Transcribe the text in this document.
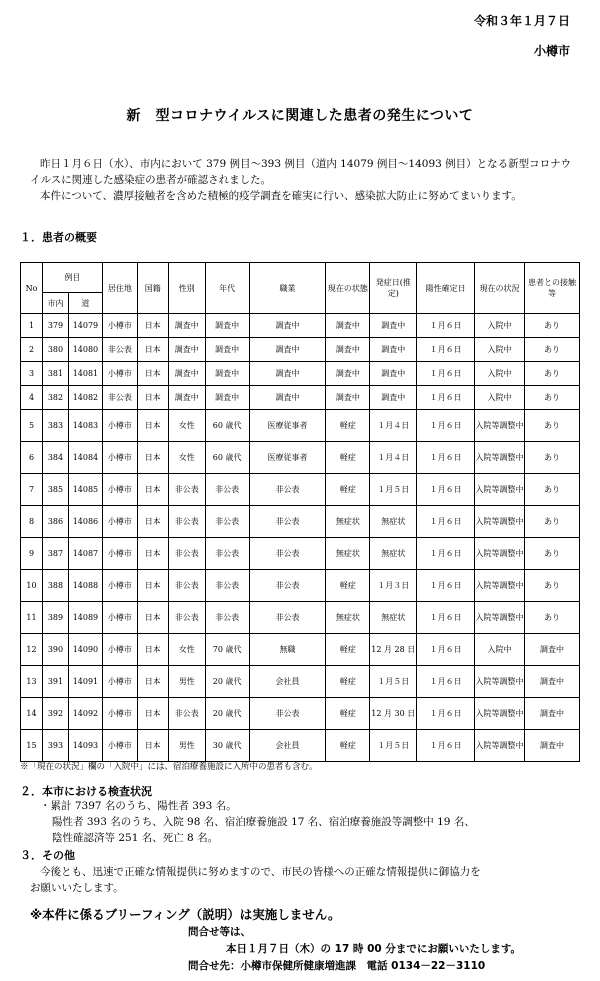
令和３年１月７日
小樽市
新　型コロナウイルスに関連した患者の発生について
昨日１月６日（水）、市内において 379 例目～393 例目（道内 14079 例目～14093 例目）となる新型コロナウイルスに関連した感染症の患者が確認されました。
本件について、濃厚接触者を含めた積極的疫学調査を確実に行い、感染拡大防止に努めてまいります。
１．患者の概要
No	例目		居住地	国籍	性別	年代	職業	現在の状態	発症日(推定)	陽性確定日	現在の状況	患者との接触等
	市内	道										
1	379	14079	小樽市	日本	調査中	調査中	調査中	調査中	調査中	１月６日	入院中	あり
2	380	14080	非公表	日本	調査中	調査中	調査中	調査中	調査中	１月６日	入院中	あり
3	381	14081	小樽市	日本	調査中	調査中	調査中	調査中	調査中	１月６日	入院中	あり
4	382	14082	非公表	日本	調査中	調査中	調査中	調査中	調査中	１月６日	入院中	あり
5	383	14083	小樽市	日本	女性	60 歳代	医療従事者	軽症	１月４日	１月６日	入院等調整中	あり
6	384	14084	小樽市	日本	女性	60 歳代	医療従事者	軽症	１月４日	１月６日	入院等調整中	あり
7	385	14085	小樽市	日本	非公表	非公表	非公表	軽症	１月５日	１月６日	入院等調整中	あり
8	386	14086	小樽市	日本	非公表	非公表	非公表	無症状	無症状	１月６日	入院等調整中	あり
9	387	14087	小樽市	日本	非公表	非公表	非公表	無症状	無症状	１月６日	入院等調整中	あり
10	388	14088	小樽市	日本	非公表	非公表	非公表	軽症	１月３日	１月６日	入院等調整中	あり
11	389	14089	小樽市	日本	非公表	非公表	非公表	無症状	無症状	１月６日	入院等調整中	あり
12	390	14090	小樽市	日本	女性	70 歳代	無職	軽症	12 月 28 日	１月６日	入院中	調査中
13	391	14091	小樽市	日本	男性	20 歳代	会社員	軽症	１月５日	１月６日	入院等調整中	調査中
14	392	14092	小樽市	日本	非公表	20 歳代	非公表	軽症	12 月 30 日	１月６日	入院等調整中	調査中
15	393	14093	小樽市	日本	男性	30 歳代	会社員	軽症	１月５日	１月６日	入院等調整中	調査中
※「現在の状況」欄の「入院中」には、宿泊療養施設に入所中の患者も含む。
２．本市における検査状況
・累計 7397 名のうち、陽性者 393 名。
陽性者 393 名のうち、入院 98 名、宿泊療養施設 17 名、宿泊療養施設等調整中 19 名、
陰性確認済等 251 名、死亡 8 名。
３．その他
今後とも、迅速で正確な情報提供に努めますので、市民の皆様への正確な情報提供に御協力を
お願いいたします。
※本件に係るブリーフィング（説明）は実施しません。
問合せ等は、
本日１月７日（木）の 17 時 00 分までにお願いいたします。
問合せ先：小樽市保健所健康増進課　電話 0134－22－3110
